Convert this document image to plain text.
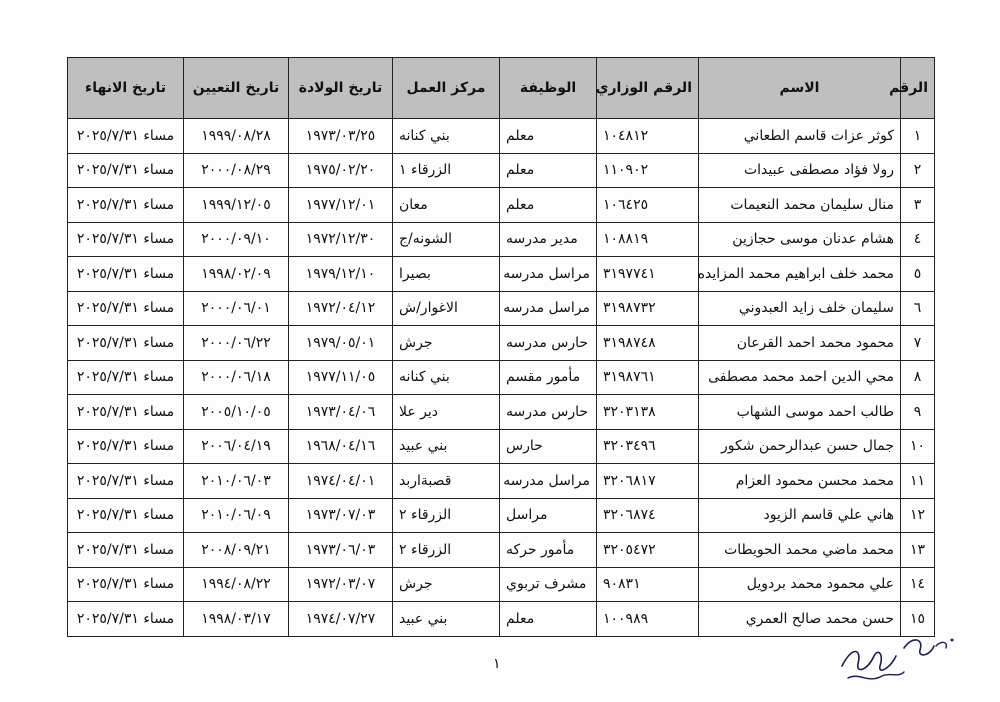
الرقم	الاسم	الرقم الوزاري	الوظيفة	مركز العمل	تاريخ الولادة	تاريخ التعيين	تاريخ الانهاء
١	كوثر عزات قاسم الطعاني	١٠٤٨١٢	معلم	بني كنانه	١٩٧٣/٠٣/٢٥	١٩٩٩/٠٨/٢٨	مساء ٢٠٢٥/٧/٣١
٢	رولا فؤاد مصطفى عبيدات	١١٠٩٠٢	معلم	الزرقاء ١	١٩٧٥/٠٢/٢٠	٢٠٠٠/٠٨/٢٩	مساء ٢٠٢٥/٧/٣١
٣	منال سليمان محمد النعيمات	١٠٦٤٢٥	معلم	معان	١٩٧٧/١٢/٠١	١٩٩٩/١٢/٠٥	مساء ٢٠٢٥/٧/٣١
٤	هشام عدنان موسى حجازين	١٠٨٨١٩	مدير مدرسه	الشونه/ج	١٩٧٢/١٢/٣٠	٢٠٠٠/٠٩/١٠	مساء ٢٠٢٥/٧/٣١
٥	محمد خلف ابراهيم محمد المزايده	٣١٩٧٧٤١	مراسل مدرسه	بصيرا	١٩٧٩/١٢/١٠	١٩٩٨/٠٢/٠٩	مساء ٢٠٢٥/٧/٣١
٦	سليمان خلف زايد العبدوني	٣١٩٨٧٣٢	مراسل مدرسه	الاغوار/ش	١٩٧٢/٠٤/١٢	٢٠٠٠/٠٦/٠١	مساء ٢٠٢٥/٧/٣١
٧	محمود محمد احمد القرعان	٣١٩٨٧٤٨	حارس مدرسه	جرش	١٩٧٩/٠٥/٠١	٢٠٠٠/٠٦/٢٢	مساء ٢٠٢٥/٧/٣١
٨	محي الدين احمد محمد مصطفى	٣١٩٨٧٦١	مأمور مقسم	بني كنانه	١٩٧٧/١١/٠٥	٢٠٠٠/٠٦/١٨	مساء ٢٠٢٥/٧/٣١
٩	طالب احمد موسى الشهاب	٣٢٠٣١٣٨	حارس مدرسه	دير علا	١٩٧٣/٠٤/٠٦	٢٠٠٥/١٠/٠٥	مساء ٢٠٢٥/٧/٣١
١٠	جمال حسن عبدالرحمن شكور	٣٢٠٣٤٩٦	حارس	بني عبيد	١٩٦٨/٠٤/١٦	٢٠٠٦/٠٤/١٩	مساء ٢٠٢٥/٧/٣١
١١	محمد محسن محمود العزام	٣٢٠٦٨١٧	مراسل مدرسه	قصبةاربد	١٩٧٤/٠٤/٠١	٢٠١٠/٠٦/٠٣	مساء ٢٠٢٥/٧/٣١
١٢	هاني علي قاسم الزيود	٣٢٠٦٨٧٤	مراسل	الزرقاء ٢	١٩٧٣/٠٧/٠٣	٢٠١٠/٠٦/٠٩	مساء ٢٠٢٥/٧/٣١
١٣	محمد ماضي محمد الحويطات	٣٢٠٥٤٧٢	مأمور حركه	الزرقاء ٢	١٩٧٣/٠٦/٠٣	٢٠٠٨/٠٩/٢١	مساء ٢٠٢٥/٧/٣١
١٤	علي محمود محمد بردويل	٩٠٨٣١	مشرف تربوي	جرش	١٩٧٢/٠٣/٠٧	١٩٩٤/٠٨/٢٢	مساء ٢٠٢٥/٧/٣١
١٥	حسن محمد صالح العمري	١٠٠٩٨٩	معلم	بني عبيد	١٩٧٤/٠٧/٢٧	١٩٩٨/٠٣/١٧	مساء ٢٠٢٥/٧/٣١
١
